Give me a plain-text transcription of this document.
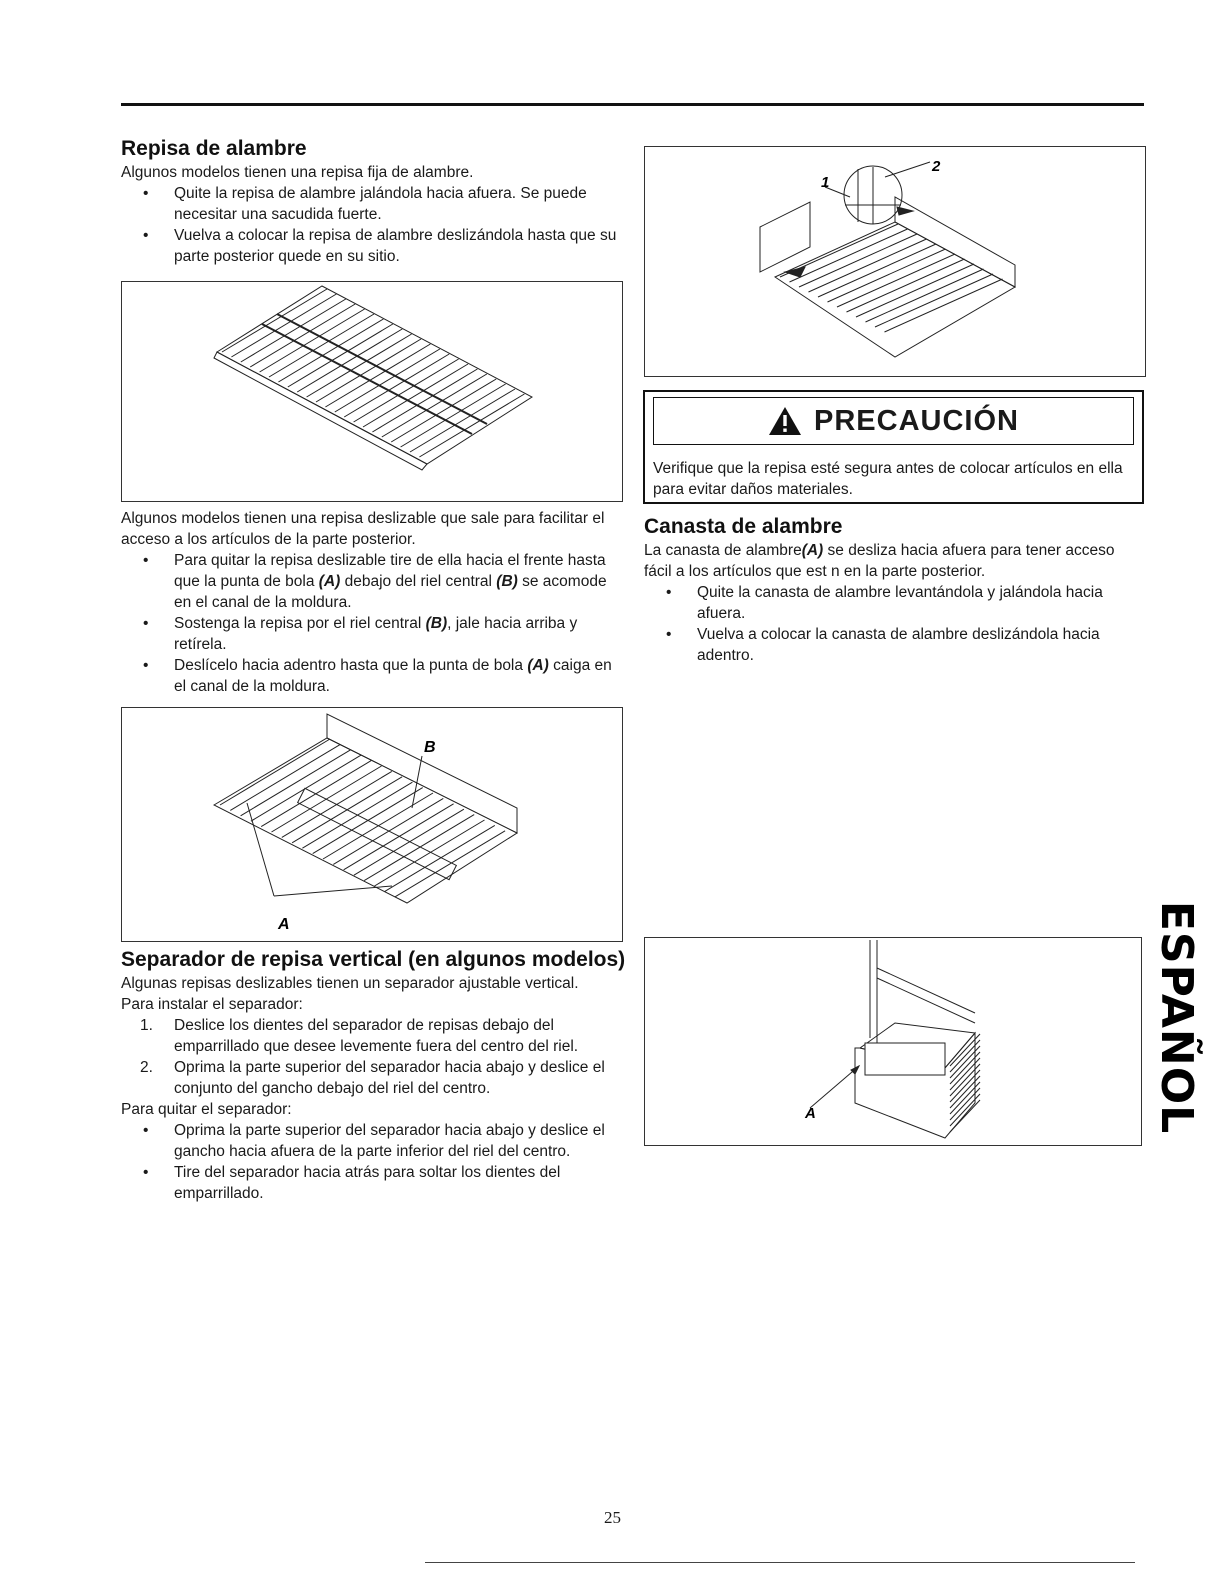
Repisa de alambre

Algunos modelos tienen una repisa fija de alambre.

• Quite la repisa de alambre jalándola hacia afuera. Se puede necesitar una sacudida fuerte.
• Vuelva a colocar la repisa de alambre deslizándola hasta que su parte posterior quede en su sitio.

Algunos modelos tienen una repisa deslizable que sale para facilitar el acceso a los artículos de la parte posterior.

• Para quitar la repisa deslizable tire de ella hacia el frente hasta que la punta de bola (A) debajo del riel central (B) se acomode en el canal de la moldura.
• Sostenga la repisa por el riel central (B), jale hacia arriba y retírela.
• Deslícelo hacia adentro hasta que la punta de bola (A) caiga en el canal de la moldura.
B
A
Separador de repisa vertical (en algunos modelos)

Algunas repisas deslizables tienen un separador ajustable vertical.

Para instalar el separador:

1. Deslice los dientes del separador de repisas debajo del emparrillado que desee levemente fuera del centro del riel.
2. Oprima la parte superior del separador hacia abajo y deslice el conjunto del gancho debajo del riel del centro.

Para quitar el separador:

• Oprima la parte superior del separador hacia abajo y deslice el gancho hacia afuera de la parte inferior del riel del centro.
• Tire del separador hacia atrás para soltar los dientes del emparrillado.
1
2
PRECAUCIÓN
Verifique que la repisa esté segura antes de colocar artículos en ella para evitar daños materiales.
Canasta de alambre

La canasta de alambre(A) se desliza hacia afuera para tener acceso fácil a los artículos que est n en la parte posterior.

• Quite la canasta de alambre levantándola y jalándola hacia afuera.
• Vuelva a colocar la canasta de alambre deslizándola hacia adentro.
A	ESPAÑOL
25
